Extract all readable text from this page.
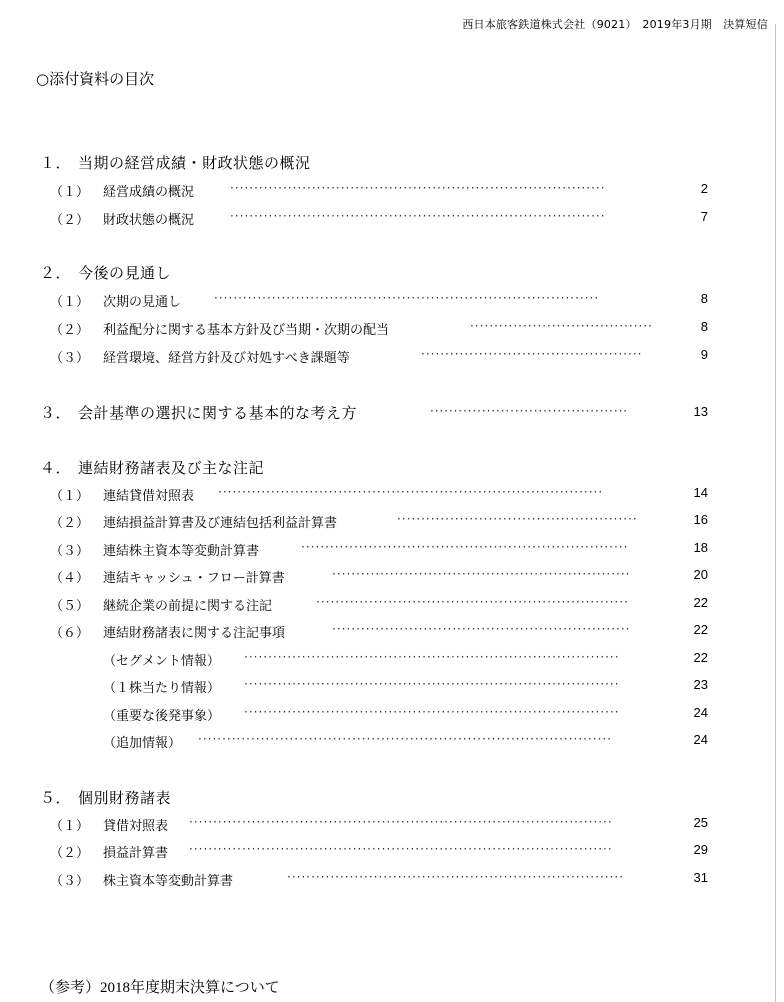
西日本旅客鉄道株式会社（9021）　2019年3月期　決算短信
○添付資料の目次
１． 当期の経営成績・財政状態の概況
（１） 経営成績の概況	··············································································	2
（２） 財政状態の概況	··············································································	7
２． 今後の見通し
（１） 次期の見通し	················································································	8
（２） 利益配分に関する基本方針及び当期・次期の配当	······································	8
（３） 経営環境、経営方針及び対処すべき課題等	··············································	9
３． 会計基準の選択に関する基本的な考え方	··········································	13
４． 連結財務諸表及び主な注記
（１） 連結貸借対照表 ················································································	14
（２） 連結損益計算書及び連結包括利益計算書	··················································	16
（３） 連結株主資本等変動計算書	····································································	18
（４） 連結キャッシュ・フロー計算書	······························································	20
（５） 継続企業の前提に関する注記	·································································	22
（６） 連結財務諸表に関する注記事項	······························································	22
（セグメント情報） ··············································································	22
（１株当たり情報） ··············································································	23
（重要な後発事象） ··············································································	24
（追加情報） ······················································································	24
５． 個別財務諸表
（１） 貸借対照表 ························································································	25
（２） 損益計算書 ························································································	29
（３） 株主資本等変動計算書	······································································	31
（参考）2018年度期末決算について
